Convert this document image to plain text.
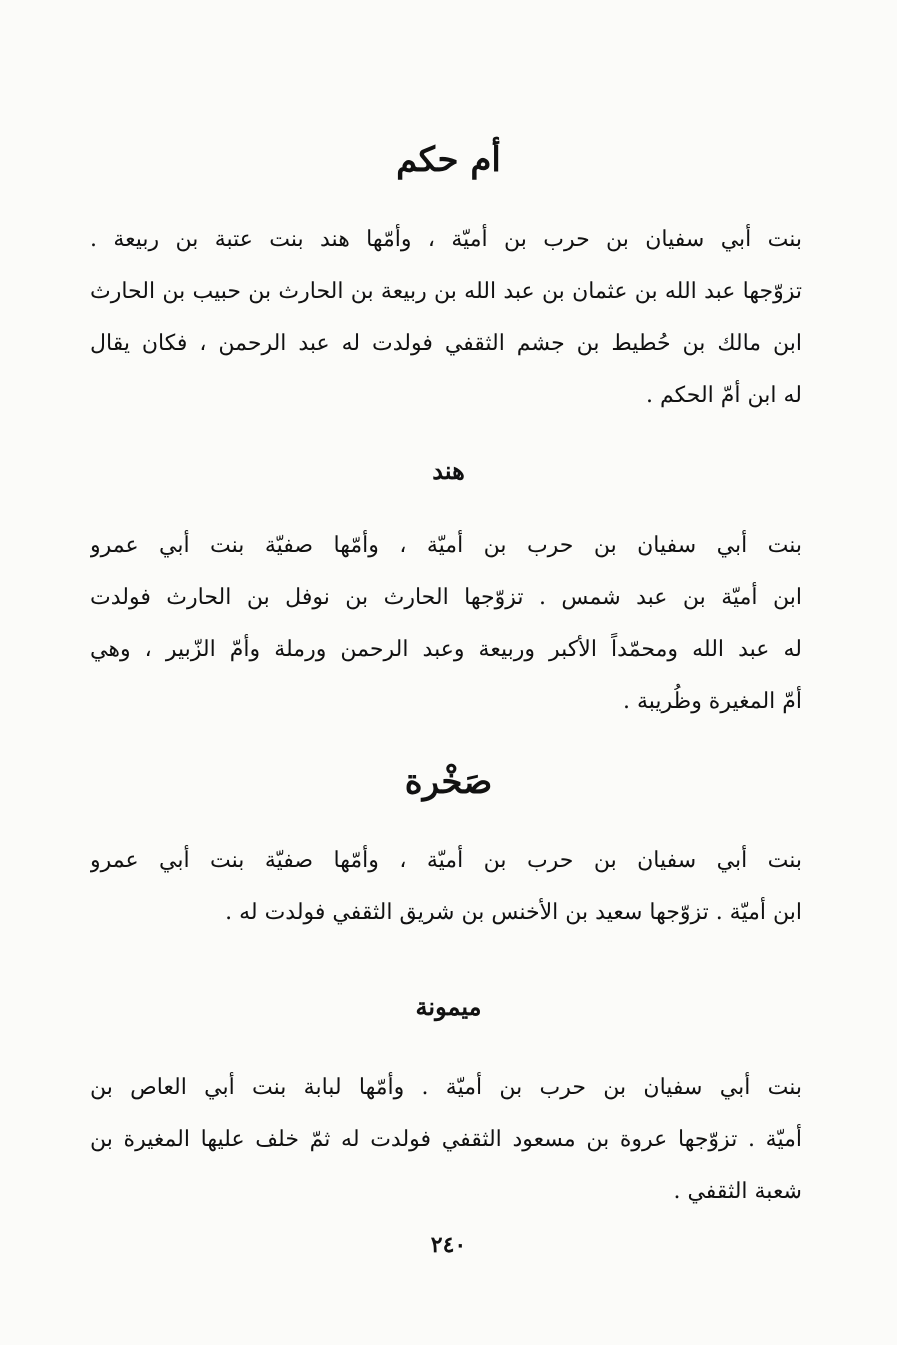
أم حكم
بنت أبي سفيان بن حرب بن أميّة ، وأمّها هند بنت عتبة بن ربيعة .
تزوّجها عبد الله بن عثمان بن عبد الله بن ربيعة بن الحارث بن حبيب بن الحارث
ابن مالك بن حُطيط بن جشم الثقفي فولدت له عبد الرحمن ، فكان يقال
له ابن أمّ الحكم .
هند
بنت أبي سفيان بن حرب بن أميّة ، وأمّها صفيّة بنت أبي عمرو
ابن أميّة بن عبد شمس . تزوّجها الحارث بن نوفل بن الحارث فولدت
له عبد الله ومحمّداً الأكبر وربيعة وعبد الرحمن ورملة وأمّ الزّبير ، وهي
أمّ المغيرة وظُريبة .
صَخْرة
بنت أبي سفيان بن حرب بن أميّة ، وأمّها صفيّة بنت أبي عمرو
ابن أميّة . تزوّجها سعيد بن الأخنس بن شريق الثقفي فولدت له .
ميمونة
بنت أبي سفيان بن حرب بن أميّة . وأمّها لبابة بنت أبي العاص بن
أميّة . تزوّجها عروة بن مسعود الثقفي فولدت له ثمّ خلف عليها المغيرة بن
شعبة الثقفي .
٢٤٠
